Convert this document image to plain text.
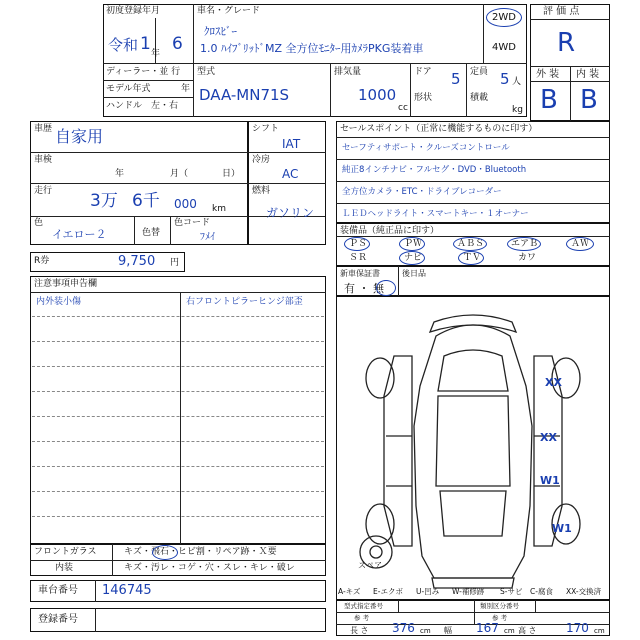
初度登録年月
令和 1 6
年
ディーラー・並 行
モデル年式	年
ハンドル　左・右
車名・グレード
ｸﾛｽﾋﾞｰ
1.0 ﾊｲﾌﾞﾘｯﾄﾞMZ 全方位ﾓﾆﾀｰ用ｶﾒﾗPKG装着車
2WD
4WD
型式
DAA-MN71S
排気量
1000
cc
ドア 5
形状
定員 5 人
積載
kg
評 価 点
R
外 装 内 装
B B
車歴 自家用
車検
年	月（	日）
走行 3万 6千 000 km
色
イエロー２	色替
色コード
ﾌﾒｲ
シフト
IAT
冷房
AC
燃料
ガソリン
R券	9,750 円
注意事項申告欄
内外装小傷	右フロントピラーヒンジ部歪
フロントガラス	キズ・飛石・ヒビ割・リペア跡・Ｘ要
内装	キズ・汚レ・コゲ・穴・スレ・キレ・破レ
車台番号 146745
登録番号
セールスポイント（正常に機能するものに印す）
セーフティサポート・クルーズコントロール
純正8インチナビ・フルセグ・DVD・Bluetooth
全方位カメラ・ETC・ドライブレコーダー
ＬＥＤヘッドライト・スマートキー・１オーナー
装備品（純正品に印す）
ＰＳ	ＰＷ	ＡＢＳ	エアＢ	ＡＷ
ＳＲ	ナビ	ＴＶ	カワ
新車保証書
有 ・ 無
後日品
XX
XX
W1
W1
スペア
A-キズ E-エクボ U-凹み W-補修跡 S-サビ C-腐食 XX-交換済
型式指定番号	類別区分番号
参 考	参 考
長 さ 376 cm 幅 167 cm 高 さ 170 cm
